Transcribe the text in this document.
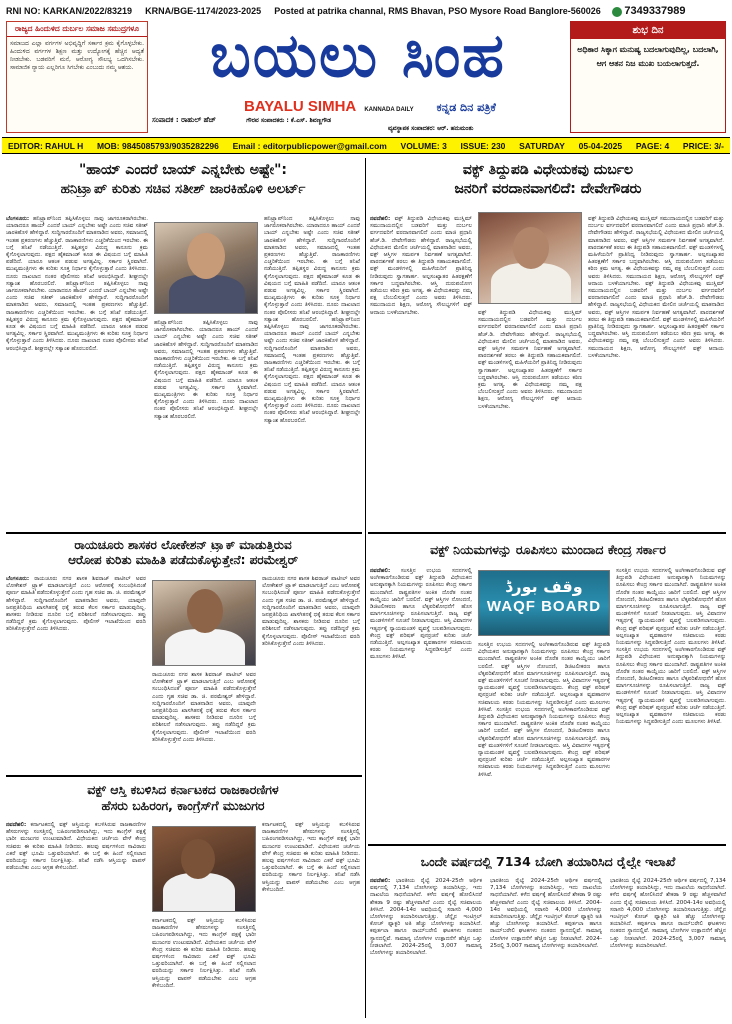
RNI NO: KARKAN/2022/83219 KRNA/BGE-1174/2023-2025 Posted at patrika channal, RMS Bhavan, PSO Mysore Road Banglore-560026 7349337989
ರಾಜ್ಯದ ಹಿಂದುಳಿದ ದುರ್ಬಲ ಸಮಾಜ ಸಮುದ್ರಗಳೂ
ಸಮಾಜದ ಎಲ್ಲಾ ವರ್ಗಗಳ ಅಭಿವೃದ್ಧಿಗೆ ಸರ್ಕಾರ ಕ್ರಮ ಕೈಗೊಳ್ಳಬೇಕು. ಹಿಂದುಳಿದ ವರ್ಗಗಳ ಶಿಕ್ಷಣ ಮತ್ತು ಉದ್ಯೋಗಕ್ಕೆ ಹೆಚ್ಚಿನ ಆದ್ಯತೆ ನೀಡಬೇಕು. ಬಡವರಿಗೆ ಮನೆ, ಆರೋಗ್ಯ ಸೌಲಭ್ಯ ಒದಗಿಸಬೇಕು. ಸಾಮಾಜಿಕ ನ್ಯಾಯ ಎಲ್ಲರಿಗೂ ಸಿಗಬೇಕು ಎಂಬುದು ನಮ್ಮ ಆಶಯ.	ಬಯಲು ಸಿಂಹ
BAYALU SIMHA KANNADA DAILY ಕನ್ನಡ ದಿನ ಪತ್ರಿಕೆ
ಸಂಪಾದಕ : ರಾಹುಲ್ ಹೆಚ್	ಗೌರವ ಸಂಪಾದಕರು : ಕೆ.ಎಸ್. ಶಿವಣ್ಣಗೌಡ
ವ್ಯವಸ್ಥಾಪಕ ಸಂಪಾದಕರ: ಆರ್. ಹನುಮಂತು
ಶುಭ ದಿನ
ಅಧಿಕಾರ ಸಿಕ್ಕಾಗ ಮನುಷ್ಯ ಬದಲಾಗುವುದಿಲ್ಲ, ಬದಲಾಗಿ, ಆಗ ಆತನ ನಿಜ ಮುಖ ಬಯಲಾಗುತ್ತದೆ.
EDITOR: RAHUL H MOB: 9845085793/9035282296 Email : editorpublicpower@gmail.com VOLUME: 3 ISSUE: 230 SATURDAY 05-04-2025 PAGE: 4 PRICE: 3/-
"ಹಾಯ್ ಎಂದರೆ ಬಾಯ್ ಎನ್ನಬೇಕು ಅಷ್ಟೇ":
ಹನಿಟ್ರ್ಯಾಪ್ ಕುರಿತು ಸಚಿವ ಸತೀಶ್ ಜಾರಕಿಹೊಳಿ ಅಲರ್ಟ್
ಬೆಂಗಳೂರು: ಹನಿಟ್ರ್ಯಾಪ್‌ನಿಂದ ತಪ್ಪಿಸಿಕೊಳ್ಳಲು ನಾವು ಜಾಗರೂಕರಾಗಿರಬೇಕು. ಯಾರಾದರೂ ಹಾಯ್ ಎಂದರೆ ಬಾಯ್ ಎನ್ನಬೇಕು ಅಷ್ಟೇ ಎಂದು ಸಚಿವ ಸತೀಶ್ ಜಾರಕಿಹೊಳಿ ಹೇಳಿದ್ದಾರೆ. ಸುದ್ದಿಗಾರರೊಂದಿಗೆ ಮಾತನಾಡಿದ ಅವರು, ಸಮಾಜದಲ್ಲಿ ಇಂತಹ ಪ್ರಕರಣಗಳು ಹೆಚ್ಚುತ್ತಿವೆ. ರಾಜಕಾರಣಿಗಳು ಎಚ್ಚರಿಕೆಯಿಂದ ಇರಬೇಕು. ಈ ಬಗ್ಗೆ ತನಿಖೆ ನಡೆಯುತ್ತಿದೆ. ತಪ್ಪಿತಸ್ಥರ ವಿರುದ್ಧ ಕಾನೂನು ಕ್ರಮ ಕೈಗೊಳ್ಳಲಾಗುವುದು. ಪಕ್ಷದ ಹೈಕಮಾಂಡ್ ಕೂಡ ಈ ವಿಷಯದ ಬಗ್ಗೆ ಮಾಹಿತಿ ಪಡೆದಿದೆ. ಯಾರೂ ಆತಂಕ ಪಡುವ ಅಗತ್ಯವಿಲ್ಲ. ಸರ್ಕಾರ ಸ್ಥಿರವಾಗಿದೆ. ಮುಖ್ಯಮಂತ್ರಿಗಳು ಈ ಕುರಿತು ಸೂಕ್ತ ನಿರ್ಧಾರ ಕೈಗೊಳ್ಳುತ್ತಾರೆ ಎಂದು ತಿಳಿಸಿದರು. ದೂರು ದಾಖಲಾದ ನಂತರ ಪೊಲೀಸರು ತನಿಖೆ ಆರಂಭಿಸಿದ್ದಾರೆ. ಶೀಘ್ರದಲ್ಲೇ ಸತ್ಯಾಂಶ ಹೊರಬರಲಿದೆ. ಹನಿಟ್ರ್ಯಾಪ್‌ನಿಂದ ತಪ್ಪಿಸಿಕೊಳ್ಳಲು ನಾವು ಜಾಗರೂಕರಾಗಿರಬೇಕು. ಯಾರಾದರೂ ಹಾಯ್ ಎಂದರೆ ಬಾಯ್ ಎನ್ನಬೇಕು ಅಷ್ಟೇ ಎಂದು ಸಚಿವ ಸತೀಶ್ ಜಾರಕಿಹೊಳಿ ಹೇಳಿದ್ದಾರೆ. ಸುದ್ದಿಗಾರರೊಂದಿಗೆ ಮಾತನಾಡಿದ ಅವರು, ಸಮಾಜದಲ್ಲಿ ಇಂತಹ ಪ್ರಕರಣಗಳು ಹೆಚ್ಚುತ್ತಿವೆ. ರಾಜಕಾರಣಿಗಳು ಎಚ್ಚರಿಕೆಯಿಂದ ಇರಬೇಕು. ಈ ಬಗ್ಗೆ ತನಿಖೆ ನಡೆಯುತ್ತಿದೆ. ತಪ್ಪಿತಸ್ಥರ ವಿರುದ್ಧ ಕಾನೂನು ಕ್ರಮ ಕೈಗೊಳ್ಳಲಾಗುವುದು. ಪಕ್ಷದ ಹೈಕಮಾಂಡ್ ಕೂಡ ಈ ವಿಷಯದ ಬಗ್ಗೆ ಮಾಹಿತಿ ಪಡೆದಿದೆ. ಯಾರೂ ಆತಂಕ ಪಡುವ ಅಗತ್ಯವಿಲ್ಲ. ಸರ್ಕಾರ ಸ್ಥಿರವಾಗಿದೆ. ಮುಖ್ಯಮಂತ್ರಿಗಳು ಈ ಕುರಿತು ಸೂಕ್ತ ನಿರ್ಧಾರ ಕೈಗೊಳ್ಳುತ್ತಾರೆ ಎಂದು ತಿಳಿಸಿದರು. ದೂರು ದಾಖಲಾದ ನಂತರ ಪೊಲೀಸರು ತನಿಖೆ ಆರಂಭಿಸಿದ್ದಾರೆ. ಶೀಘ್ರದಲ್ಲೇ ಸತ್ಯಾಂಶ ಹೊರಬರಲಿದೆ.
ಹನಿಟ್ರ್ಯಾಪ್‌ನಿಂದ ತಪ್ಪಿಸಿಕೊಳ್ಳಲು ನಾವು ಜಾಗರೂಕರಾಗಿರಬೇಕು. ಯಾರಾದರೂ ಹಾಯ್ ಎಂದರೆ ಬಾಯ್ ಎನ್ನಬೇಕು ಅಷ್ಟೇ ಎಂದು ಸಚಿವ ಸತೀಶ್ ಜಾರಕಿಹೊಳಿ ಹೇಳಿದ್ದಾರೆ. ಸುದ್ದಿಗಾರರೊಂದಿಗೆ ಮಾತನಾಡಿದ ಅವರು, ಸಮಾಜದಲ್ಲಿ ಇಂತಹ ಪ್ರಕರಣಗಳು ಹೆಚ್ಚುತ್ತಿವೆ. ರಾಜಕಾರಣಿಗಳು ಎಚ್ಚರಿಕೆಯಿಂದ ಇರಬೇಕು. ಈ ಬಗ್ಗೆ ತನಿಖೆ ನಡೆಯುತ್ತಿದೆ. ತಪ್ಪಿತಸ್ಥರ ವಿರುದ್ಧ ಕಾನೂನು ಕ್ರಮ ಕೈಗೊಳ್ಳಲಾಗುವುದು. ಪಕ್ಷದ ಹೈಕಮಾಂಡ್ ಕೂಡ ಈ ವಿಷಯದ ಬಗ್ಗೆ ಮಾಹಿತಿ ಪಡೆದಿದೆ. ಯಾರೂ ಆತಂಕ ಪಡುವ ಅಗತ್ಯವಿಲ್ಲ. ಸರ್ಕಾರ ಸ್ಥಿರವಾಗಿದೆ. ಮುಖ್ಯಮಂತ್ರಿಗಳು ಈ ಕುರಿತು ಸೂಕ್ತ ನಿರ್ಧಾರ ಕೈಗೊಳ್ಳುತ್ತಾರೆ ಎಂದು ತಿಳಿಸಿದರು. ದೂರು ದಾಖಲಾದ ನಂತರ ಪೊಲೀಸರು ತನಿಖೆ ಆರಂಭಿಸಿದ್ದಾರೆ. ಶೀಘ್ರದಲ್ಲೇ ಸತ್ಯಾಂಶ ಹೊರಬರಲಿದೆ.
ಹನಿಟ್ರ್ಯಾಪ್‌ನಿಂದ ತಪ್ಪಿಸಿಕೊಳ್ಳಲು ನಾವು ಜಾಗರೂಕರಾಗಿರಬೇಕು. ಯಾರಾದರೂ ಹಾಯ್ ಎಂದರೆ ಬಾಯ್ ಎನ್ನಬೇಕು ಅಷ್ಟೇ ಎಂದು ಸಚಿವ ಸತೀಶ್ ಜಾರಕಿಹೊಳಿ ಹೇಳಿದ್ದಾರೆ. ಸುದ್ದಿಗಾರರೊಂದಿಗೆ ಮಾತನಾಡಿದ ಅವರು, ಸಮಾಜದಲ್ಲಿ ಇಂತಹ ಪ್ರಕರಣಗಳು ಹೆಚ್ಚುತ್ತಿವೆ. ರಾಜಕಾರಣಿಗಳು ಎಚ್ಚರಿಕೆಯಿಂದ ಇರಬೇಕು. ಈ ಬಗ್ಗೆ ತನಿಖೆ ನಡೆಯುತ್ತಿದೆ. ತಪ್ಪಿತಸ್ಥರ ವಿರುದ್ಧ ಕಾನೂನು ಕ್ರಮ ಕೈಗೊಳ್ಳಲಾಗುವುದು. ಪಕ್ಷದ ಹೈಕಮಾಂಡ್ ಕೂಡ ಈ ವಿಷಯದ ಬಗ್ಗೆ ಮಾಹಿತಿ ಪಡೆದಿದೆ. ಯಾರೂ ಆತಂಕ ಪಡುವ ಅಗತ್ಯವಿಲ್ಲ. ಸರ್ಕಾರ ಸ್ಥಿರವಾಗಿದೆ. ಮುಖ್ಯಮಂತ್ರಿಗಳು ಈ ಕುರಿತು ಸೂಕ್ತ ನಿರ್ಧಾರ ಕೈಗೊಳ್ಳುತ್ತಾರೆ ಎಂದು ತಿಳಿಸಿದರು. ದೂರು ದಾಖಲಾದ ನಂತರ ಪೊಲೀಸರು ತನಿಖೆ ಆರಂಭಿಸಿದ್ದಾರೆ. ಶೀಘ್ರದಲ್ಲೇ ಸತ್ಯಾಂಶ ಹೊರಬರಲಿದೆ. ಹನಿಟ್ರ್ಯಾಪ್‌ನಿಂದ ತಪ್ಪಿಸಿಕೊಳ್ಳಲು ನಾವು ಜಾಗರೂಕರಾಗಿರಬೇಕು. ಯಾರಾದರೂ ಹಾಯ್ ಎಂದರೆ ಬಾಯ್ ಎನ್ನಬೇಕು ಅಷ್ಟೇ ಎಂದು ಸಚಿವ ಸತೀಶ್ ಜಾರಕಿಹೊಳಿ ಹೇಳಿದ್ದಾರೆ. ಸುದ್ದಿಗಾರರೊಂದಿಗೆ ಮಾತನಾಡಿದ ಅವರು, ಸಮಾಜದಲ್ಲಿ ಇಂತಹ ಪ್ರಕರಣಗಳು ಹೆಚ್ಚುತ್ತಿವೆ. ರಾಜಕಾರಣಿಗಳು ಎಚ್ಚರಿಕೆಯಿಂದ ಇರಬೇಕು. ಈ ಬಗ್ಗೆ ತನಿಖೆ ನಡೆಯುತ್ತಿದೆ. ತಪ್ಪಿತಸ್ಥರ ವಿರುದ್ಧ ಕಾನೂನು ಕ್ರಮ ಕೈಗೊಳ್ಳಲಾಗುವುದು. ಪಕ್ಷದ ಹೈಕಮಾಂಡ್ ಕೂಡ ಈ ವಿಷಯದ ಬಗ್ಗೆ ಮಾಹಿತಿ ಪಡೆದಿದೆ. ಯಾರೂ ಆತಂಕ ಪಡುವ ಅಗತ್ಯವಿಲ್ಲ. ಸರ್ಕಾರ ಸ್ಥಿರವಾಗಿದೆ. ಮುಖ್ಯಮಂತ್ರಿಗಳು ಈ ಕುರಿತು ಸೂಕ್ತ ನಿರ್ಧಾರ ಕೈಗೊಳ್ಳುತ್ತಾರೆ ಎಂದು ತಿಳಿಸಿದರು. ದೂರು ದಾಖಲಾದ ನಂತರ ಪೊಲೀಸರು ತನಿಖೆ ಆರಂಭಿಸಿದ್ದಾರೆ. ಶೀಘ್ರದಲ್ಲೇ ಸತ್ಯಾಂಶ ಹೊರಬರಲಿದೆ.
ವಕ್ಫ್ ತಿದ್ದುಪಡಿ ವಿಧೇಯಕವು ದುರ್ಬಲ
ಜನರಿಗೆ ವರದಾನವಾಗಲಿದೆ: ದೇವೇಗೌಡರು
ನವದೆಹಲಿ: ವಕ್ಫ್ ತಿದ್ದುಪಡಿ ವಿಧೇಯಕವು ಮುಸ್ಲಿಮ್ ಸಮುದಾಯದಲ್ಲಿನ ಬಡವರಿಗೆ ಮತ್ತು ದುರ್ಬಲ ವರ್ಗದವರಿಗೆ ವರದಾನವಾಗಲಿದೆ ಎಂದು ಮಾಜಿ ಪ್ರಧಾನಿ ಹೆಚ್.ಡಿ. ದೇವೇಗೌಡರು ಹೇಳಿದ್ದಾರೆ. ರಾಜ್ಯಸಭೆಯಲ್ಲಿ ವಿಧೇಯಕದ ಮೇಲಿನ ಚರ್ಚೆಯಲ್ಲಿ ಮಾತನಾಡಿದ ಅವರು, ವಕ್ಫ್ ಆಸ್ತಿಗಳ ಸಮರ್ಪಕ ನಿರ್ವಹಣೆ ಅಗತ್ಯವಾಗಿದೆ. ಪಾರದರ್ಶಕತೆ ತರಲು ಈ ತಿದ್ದುಪಡಿ ಸಹಾಯಕವಾಗಲಿದೆ. ವಕ್ಫ್ ಮಂಡಳಿಗಳಲ್ಲಿ ಮಹಿಳೆಯರಿಗೆ ಪ್ರಾತಿನಿಧ್ಯ ನೀಡಿರುವುದು ಸ್ವಾಗತಾರ್ಹ. ಅಲ್ಪಸಂಖ್ಯಾತರ ಹಿತರಕ್ಷಣೆಗೆ ಸರ್ಕಾರ ಬದ್ಧವಾಗಿರಬೇಕು. ಆಸ್ತಿ ದುರುಪಯೋಗ ತಡೆಯಲು ಕಠಿಣ ಕ್ರಮ ಅಗತ್ಯ. ಈ ವಿಧೇಯಕವನ್ನು ನಮ್ಮ ಪಕ್ಷ ಬೆಂಬಲಿಸುತ್ತದೆ ಎಂದು ಅವರು ತಿಳಿಸಿದರು. ಸಮುದಾಯದ ಶಿಕ್ಷಣ, ಆರೋಗ್ಯ ಸೌಲಭ್ಯಗಳಿಗೆ ವಕ್ಫ್ ಆದಾಯ ಬಳಕೆಯಾಗಬೇಕು.	ವಕ್ಫ್ ತಿದ್ದುಪಡಿ ವಿಧೇಯಕವು ಮುಸ್ಲಿಮ್ ಸಮುದಾಯದಲ್ಲಿನ ಬಡವರಿಗೆ ಮತ್ತು ದುರ್ಬಲ ವರ್ಗದವರಿಗೆ ವರದಾನವಾಗಲಿದೆ ಎಂದು ಮಾಜಿ ಪ್ರಧಾನಿ ಹೆಚ್.ಡಿ. ದೇವೇಗೌಡರು ಹೇಳಿದ್ದಾರೆ. ರಾಜ್ಯಸಭೆಯಲ್ಲಿ ವಿಧೇಯಕದ ಮೇಲಿನ ಚರ್ಚೆಯಲ್ಲಿ ಮಾತನಾಡಿದ ಅವರು, ವಕ್ಫ್ ಆಸ್ತಿಗಳ ಸಮರ್ಪಕ ನಿರ್ವಹಣೆ ಅಗತ್ಯವಾಗಿದೆ. ಪಾರದರ್ಶಕತೆ ತರಲು ಈ ತಿದ್ದುಪಡಿ ಸಹಾಯಕವಾಗಲಿದೆ. ವಕ್ಫ್ ಮಂಡಳಿಗಳಲ್ಲಿ ಮಹಿಳೆಯರಿಗೆ ಪ್ರಾತಿನಿಧ್ಯ ನೀಡಿರುವುದು ಸ್ವಾಗತಾರ್ಹ. ಅಲ್ಪಸಂಖ್ಯಾತರ ಹಿತರಕ್ಷಣೆಗೆ ಸರ್ಕಾರ ಬದ್ಧವಾಗಿರಬೇಕು. ಆಸ್ತಿ ದುರುಪಯೋಗ ತಡೆಯಲು ಕಠಿಣ ಕ್ರಮ ಅಗತ್ಯ. ಈ ವಿಧೇಯಕವನ್ನು ನಮ್ಮ ಪಕ್ಷ ಬೆಂಬಲಿಸುತ್ತದೆ ಎಂದು ಅವರು ತಿಳಿಸಿದರು. ಸಮುದಾಯದ ಶಿಕ್ಷಣ, ಆರೋಗ್ಯ ಸೌಲಭ್ಯಗಳಿಗೆ ವಕ್ಫ್ ಆದಾಯ ಬಳಕೆಯಾಗಬೇಕು.
ವಕ್ಫ್ ತಿದ್ದುಪಡಿ ವಿಧೇಯಕವು ಮುಸ್ಲಿಮ್ ಸಮುದಾಯದಲ್ಲಿನ ಬಡವರಿಗೆ ಮತ್ತು ದುರ್ಬಲ ವರ್ಗದವರಿಗೆ ವರದಾನವಾಗಲಿದೆ ಎಂದು ಮಾಜಿ ಪ್ರಧಾನಿ ಹೆಚ್.ಡಿ. ದೇವೇಗೌಡರು ಹೇಳಿದ್ದಾರೆ. ರಾಜ್ಯಸಭೆಯಲ್ಲಿ ವಿಧೇಯಕದ ಮೇಲಿನ ಚರ್ಚೆಯಲ್ಲಿ ಮಾತನಾಡಿದ ಅವರು, ವಕ್ಫ್ ಆಸ್ತಿಗಳ ಸಮರ್ಪಕ ನಿರ್ವಹಣೆ ಅಗತ್ಯವಾಗಿದೆ. ಪಾರದರ್ಶಕತೆ ತರಲು ಈ ತಿದ್ದುಪಡಿ ಸಹಾಯಕವಾಗಲಿದೆ. ವಕ್ಫ್ ಮಂಡಳಿಗಳಲ್ಲಿ ಮಹಿಳೆಯರಿಗೆ ಪ್ರಾತಿನಿಧ್ಯ ನೀಡಿರುವುದು ಸ್ವಾಗತಾರ್ಹ. ಅಲ್ಪಸಂಖ್ಯಾತರ ಹಿತರಕ್ಷಣೆಗೆ ಸರ್ಕಾರ ಬದ್ಧವಾಗಿರಬೇಕು. ಆಸ್ತಿ ದುರುಪಯೋಗ ತಡೆಯಲು ಕಠಿಣ ಕ್ರಮ ಅಗತ್ಯ. ಈ ವಿಧೇಯಕವನ್ನು ನಮ್ಮ ಪಕ್ಷ ಬೆಂಬಲಿಸುತ್ತದೆ ಎಂದು ಅವರು ತಿಳಿಸಿದರು. ಸಮುದಾಯದ ಶಿಕ್ಷಣ, ಆರೋಗ್ಯ ಸೌಲಭ್ಯಗಳಿಗೆ ವಕ್ಫ್ ಆದಾಯ ಬಳಕೆಯಾಗಬೇಕು. ವಕ್ಫ್ ತಿದ್ದುಪಡಿ ವಿಧೇಯಕವು ಮುಸ್ಲಿಮ್ ಸಮುದಾಯದಲ್ಲಿನ ಬಡವರಿಗೆ ಮತ್ತು ದುರ್ಬಲ ವರ್ಗದವರಿಗೆ ವರದಾನವಾಗಲಿದೆ ಎಂದು ಮಾಜಿ ಪ್ರಧಾನಿ ಹೆಚ್.ಡಿ. ದೇವೇಗೌಡರು ಹೇಳಿದ್ದಾರೆ. ರಾಜ್ಯಸಭೆಯಲ್ಲಿ ವಿಧೇಯಕದ ಮೇಲಿನ ಚರ್ಚೆಯಲ್ಲಿ ಮಾತನಾಡಿದ ಅವರು, ವಕ್ಫ್ ಆಸ್ತಿಗಳ ಸಮರ್ಪಕ ನಿರ್ವಹಣೆ ಅಗತ್ಯವಾಗಿದೆ. ಪಾರದರ್ಶಕತೆ ತರಲು ಈ ತಿದ್ದುಪಡಿ ಸಹಾಯಕವಾಗಲಿದೆ. ವಕ್ಫ್ ಮಂಡಳಿಗಳಲ್ಲಿ ಮಹಿಳೆಯರಿಗೆ ಪ್ರಾತಿನಿಧ್ಯ ನೀಡಿರುವುದು ಸ್ವಾಗತಾರ್ಹ. ಅಲ್ಪಸಂಖ್ಯಾತರ ಹಿತರಕ್ಷಣೆಗೆ ಸರ್ಕಾರ ಬದ್ಧವಾಗಿರಬೇಕು. ಆಸ್ತಿ ದುರುಪಯೋಗ ತಡೆಯಲು ಕಠಿಣ ಕ್ರಮ ಅಗತ್ಯ. ಈ ವಿಧೇಯಕವನ್ನು ನಮ್ಮ ಪಕ್ಷ ಬೆಂಬಲಿಸುತ್ತದೆ ಎಂದು ಅವರು ತಿಳಿಸಿದರು. ಸಮುದಾಯದ ಶಿಕ್ಷಣ, ಆರೋಗ್ಯ ಸೌಲಭ್ಯಗಳಿಗೆ ವಕ್ಫ್ ಆದಾಯ ಬಳಕೆಯಾಗಬೇಕು.
ರಾಯಚೂರು ಶಾಸಕರ ಲೋಕೇಶನ್ ಟ್ರ್ಯಾಕ್ ಮಾಡುತ್ತಿರುವ
ಆರೋಪ ಕುರಿತು ಮಾಹಿತಿ ಪಡೆದುಕೊಳ್ಳುತ್ತೇನೆ: ಪರಮೇಶ್ವರ್
ಬೆಂಗಳೂರು: ರಾಯಚೂರು ನಗರ ಶಾಸಕ ಶಿವರಾಜ್ ಪಾಟೀಲ್ ಅವರ ಲೋಕೇಶನ್ ಟ್ರ್ಯಾಕ್ ಮಾಡಲಾಗುತ್ತಿದೆ ಎಂಬ ಆರೋಪಕ್ಕೆ ಸಂಬಂಧಿಸಿದಂತೆ ಪೂರ್ಣ ಮಾಹಿತಿ ಪಡೆದುಕೊಳ್ಳುತ್ತೇನೆ ಎಂದು ಗೃಹ ಸಚಿವ ಡಾ. ಜಿ. ಪರಮೇಶ್ವರ್ ಹೇಳಿದ್ದಾರೆ. ಸುದ್ದಿಗಾರರೊಂದಿಗೆ ಮಾತನಾಡಿದ ಅವರು, ಯಾವುದೇ ಜನಪ್ರತಿನಿಧಿಯ ಖಾಸಗಿತನಕ್ಕೆ ಧಕ್ಕೆ ತರುವ ಕೆಲಸ ಸರ್ಕಾರ ಮಾಡುವುದಿಲ್ಲ. ಶಾಸಕರು ನೀಡಿರುವ ದೂರಿನ ಬಗ್ಗೆ ಪರಿಶೀಲನೆ ನಡೆಸಲಾಗುವುದು. ತಪ್ಪು ನಡೆದಿದ್ದರೆ ಕ್ರಮ ಕೈಗೊಳ್ಳಲಾಗುವುದು. ಪೊಲೀಸ್ ಇಲಾಖೆಯಿಂದ ವರದಿ ತರಿಸಿಕೊಳ್ಳುತ್ತೇನೆ ಎಂದು ತಿಳಿಸಿದರು.
ರಾಯಚೂರು ನಗರ ಶಾಸಕ ಶಿವರಾಜ್ ಪಾಟೀಲ್ ಅವರ ಲೋಕೇಶನ್ ಟ್ರ್ಯಾಕ್ ಮಾಡಲಾಗುತ್ತಿದೆ ಎಂಬ ಆರೋಪಕ್ಕೆ ಸಂಬಂಧಿಸಿದಂತೆ ಪೂರ್ಣ ಮಾಹಿತಿ ಪಡೆದುಕೊಳ್ಳುತ್ತೇನೆ ಎಂದು ಗೃಹ ಸಚಿವ ಡಾ. ಜಿ. ಪರಮೇಶ್ವರ್ ಹೇಳಿದ್ದಾರೆ. ಸುದ್ದಿಗಾರರೊಂದಿಗೆ ಮಾತನಾಡಿದ ಅವರು, ಯಾವುದೇ ಜನಪ್ರತಿನಿಧಿಯ ಖಾಸಗಿತನಕ್ಕೆ ಧಕ್ಕೆ ತರುವ ಕೆಲಸ ಸರ್ಕಾರ ಮಾಡುವುದಿಲ್ಲ. ಶಾಸಕರು ನೀಡಿರುವ ದೂರಿನ ಬಗ್ಗೆ ಪರಿಶೀಲನೆ ನಡೆಸಲಾಗುವುದು. ತಪ್ಪು ನಡೆದಿದ್ದರೆ ಕ್ರಮ ಕೈಗೊಳ್ಳಲಾಗುವುದು. ಪೊಲೀಸ್ ಇಲಾಖೆಯಿಂದ ವರದಿ ತರಿಸಿಕೊಳ್ಳುತ್ತೇನೆ ಎಂದು ತಿಳಿಸಿದರು.
ರಾಯಚೂರು ನಗರ ಶಾಸಕ ಶಿವರಾಜ್ ಪಾಟೀಲ್ ಅವರ ಲೋಕೇಶನ್ ಟ್ರ್ಯಾಕ್ ಮಾಡಲಾಗುತ್ತಿದೆ ಎಂಬ ಆರೋಪಕ್ಕೆ ಸಂಬಂಧಿಸಿದಂತೆ ಪೂರ್ಣ ಮಾಹಿತಿ ಪಡೆದುಕೊಳ್ಳುತ್ತೇನೆ ಎಂದು ಗೃಹ ಸಚಿವ ಡಾ. ಜಿ. ಪರಮೇಶ್ವರ್ ಹೇಳಿದ್ದಾರೆ. ಸುದ್ದಿಗಾರರೊಂದಿಗೆ ಮಾತನಾಡಿದ ಅವರು, ಯಾವುದೇ ಜನಪ್ರತಿನಿಧಿಯ ಖಾಸಗಿತನಕ್ಕೆ ಧಕ್ಕೆ ತರುವ ಕೆಲಸ ಸರ್ಕಾರ ಮಾಡುವುದಿಲ್ಲ. ಶಾಸಕರು ನೀಡಿರುವ ದೂರಿನ ಬಗ್ಗೆ ಪರಿಶೀಲನೆ ನಡೆಸಲಾಗುವುದು. ತಪ್ಪು ನಡೆದಿದ್ದರೆ ಕ್ರಮ ಕೈಗೊಳ್ಳಲಾಗುವುದು. ಪೊಲೀಸ್ ಇಲಾಖೆಯಿಂದ ವರದಿ ತರಿಸಿಕೊಳ್ಳುತ್ತೇನೆ ಎಂದು ತಿಳಿಸಿದರು.
ವಕ್ಫ್ ನಿಯಮಗಳನ್ನು ರೂಪಿಸಲು ಮುಂದಾದ ಕೇಂದ್ರ ಸರ್ಕಾರ
ನವದೆಹಲಿ: ಸಂಸತ್ತಿನ ಉಭಯ ಸದನಗಳಲ್ಲಿ ಅಂಗೀಕಾರಗೊಂಡಿರುವ ವಕ್ಫ್ ತಿದ್ದುಪಡಿ ವಿಧೇಯಕದ ಅನುಷ್ಠಾನಕ್ಕಾಗಿ ನಿಯಮಗಳನ್ನು ರೂಪಿಸಲು ಕೇಂದ್ರ ಸರ್ಕಾರ ಮುಂದಾಗಿದೆ. ರಾಷ್ಟ್ರಪತಿಗಳ ಅಂಕಿತ ದೊರೆತ ನಂತರ ಕಾಯ್ದೆಯು ಜಾರಿಗೆ ಬರಲಿದೆ. ವಕ್ಫ್ ಆಸ್ತಿಗಳ ನೋಂದಣಿ, ಡಿಜಿಟಲೀಕರಣ ಹಾಗೂ ಲೆಕ್ಕಪರಿಶೋಧನೆಗೆ ಹೊಸ ಮಾರ್ಗಸೂಚಿಗಳನ್ನು ರೂಪಿಸಲಾಗುತ್ತಿದೆ. ರಾಜ್ಯ ವಕ್ಫ್ ಮಂಡಳಿಗಳಿಗೆ ಸೂಚನೆ ನೀಡಲಾಗುವುದು. ಆಸ್ತಿ ವಿವಾದಗಳ ಇತ್ಯರ್ಥಕ್ಕೆ ನ್ಯಾಯಮಂಡಳಿ ವ್ಯವಸ್ಥೆ ಬಲಪಡಿಸಲಾಗುವುದು. ಕೇಂದ್ರ ವಕ್ಫ್ ಪರಿಷತ್ ಪುನರ್ರಚನೆ ಕುರಿತು ಚರ್ಚೆ ನಡೆಯುತ್ತಿದೆ. ಅಲ್ಪಸಂಖ್ಯಾತ ವ್ಯವಹಾರಗಳ ಸಚಿವಾಲಯ ಕರಡು ನಿಯಮಗಳನ್ನು ಸಿದ್ಧಪಡಿಸುತ್ತಿದೆ ಎಂದು ಮೂಲಗಳು ತಿಳಿಸಿವೆ.
وقف بورڈ
WAQF BOARD
ಸಂಸತ್ತಿನ ಉಭಯ ಸದನಗಳಲ್ಲಿ ಅಂಗೀಕಾರಗೊಂಡಿರುವ ವಕ್ಫ್ ತಿದ್ದುಪಡಿ ವಿಧೇಯಕದ ಅನುಷ್ಠಾನಕ್ಕಾಗಿ ನಿಯಮಗಳನ್ನು ರೂಪಿಸಲು ಕೇಂದ್ರ ಸರ್ಕಾರ ಮುಂದಾಗಿದೆ. ರಾಷ್ಟ್ರಪತಿಗಳ ಅಂಕಿತ ದೊರೆತ ನಂತರ ಕಾಯ್ದೆಯು ಜಾರಿಗೆ ಬರಲಿದೆ. ವಕ್ಫ್ ಆಸ್ತಿಗಳ ನೋಂದಣಿ, ಡಿಜಿಟಲೀಕರಣ ಹಾಗೂ ಲೆಕ್ಕಪರಿಶೋಧನೆಗೆ ಹೊಸ ಮಾರ್ಗಸೂಚಿಗಳನ್ನು ರೂಪಿಸಲಾಗುತ್ತಿದೆ. ರಾಜ್ಯ ವಕ್ಫ್ ಮಂಡಳಿಗಳಿಗೆ ಸೂಚನೆ ನೀಡಲಾಗುವುದು. ಆಸ್ತಿ ವಿವಾದಗಳ ಇತ್ಯರ್ಥಕ್ಕೆ ನ್ಯಾಯಮಂಡಳಿ ವ್ಯವಸ್ಥೆ ಬಲಪಡಿಸಲಾಗುವುದು. ಕೇಂದ್ರ ವಕ್ಫ್ ಪರಿಷತ್ ಪುನರ್ರಚನೆ ಕುರಿತು ಚರ್ಚೆ ನಡೆಯುತ್ತಿದೆ. ಅಲ್ಪಸಂಖ್ಯಾತ ವ್ಯವಹಾರಗಳ ಸಚಿವಾಲಯ ಕರಡು ನಿಯಮಗಳನ್ನು ಸಿದ್ಧಪಡಿಸುತ್ತಿದೆ ಎಂದು ಮೂಲಗಳು ತಿಳಿಸಿವೆ. ಸಂಸತ್ತಿನ ಉಭಯ ಸದನಗಳಲ್ಲಿ ಅಂಗೀಕಾರಗೊಂಡಿರುವ ವಕ್ಫ್ ತಿದ್ದುಪಡಿ ವಿಧೇಯಕದ ಅನುಷ್ಠಾನಕ್ಕಾಗಿ ನಿಯಮಗಳನ್ನು ರೂಪಿಸಲು ಕೇಂದ್ರ ಸರ್ಕಾರ ಮುಂದಾಗಿದೆ. ರಾಷ್ಟ್ರಪತಿಗಳ ಅಂಕಿತ ದೊರೆತ ನಂತರ ಕಾಯ್ದೆಯು ಜಾರಿಗೆ ಬರಲಿದೆ. ವಕ್ಫ್ ಆಸ್ತಿಗಳ ನೋಂದಣಿ, ಡಿಜಿಟಲೀಕರಣ ಹಾಗೂ ಲೆಕ್ಕಪರಿಶೋಧನೆಗೆ ಹೊಸ ಮಾರ್ಗಸೂಚಿಗಳನ್ನು ರೂಪಿಸಲಾಗುತ್ತಿದೆ. ರಾಜ್ಯ ವಕ್ಫ್ ಮಂಡಳಿಗಳಿಗೆ ಸೂಚನೆ ನೀಡಲಾಗುವುದು. ಆಸ್ತಿ ವಿವಾದಗಳ ಇತ್ಯರ್ಥಕ್ಕೆ ನ್ಯಾಯಮಂಡಳಿ ವ್ಯವಸ್ಥೆ ಬಲಪಡಿಸಲಾಗುವುದು. ಕೇಂದ್ರ ವಕ್ಫ್ ಪರಿಷತ್ ಪುನರ್ರಚನೆ ಕುರಿತು ಚರ್ಚೆ ನಡೆಯುತ್ತಿದೆ. ಅಲ್ಪಸಂಖ್ಯಾತ ವ್ಯವಹಾರಗಳ ಸಚಿವಾಲಯ ಕರಡು ನಿಯಮಗಳನ್ನು ಸಿದ್ಧಪಡಿಸುತ್ತಿದೆ ಎಂದು ಮೂಲಗಳು ತಿಳಿಸಿವೆ.
ಸಂಸತ್ತಿನ ಉಭಯ ಸದನಗಳಲ್ಲಿ ಅಂಗೀಕಾರಗೊಂಡಿರುವ ವಕ್ಫ್ ತಿದ್ದುಪಡಿ ವಿಧೇಯಕದ ಅನುಷ್ಠಾನಕ್ಕಾಗಿ ನಿಯಮಗಳನ್ನು ರೂಪಿಸಲು ಕೇಂದ್ರ ಸರ್ಕಾರ ಮುಂದಾಗಿದೆ. ರಾಷ್ಟ್ರಪತಿಗಳ ಅಂಕಿತ ದೊರೆತ ನಂತರ ಕಾಯ್ದೆಯು ಜಾರಿಗೆ ಬರಲಿದೆ. ವಕ್ಫ್ ಆಸ್ತಿಗಳ ನೋಂದಣಿ, ಡಿಜಿಟಲೀಕರಣ ಹಾಗೂ ಲೆಕ್ಕಪರಿಶೋಧನೆಗೆ ಹೊಸ ಮಾರ್ಗಸೂಚಿಗಳನ್ನು ರೂಪಿಸಲಾಗುತ್ತಿದೆ. ರಾಜ್ಯ ವಕ್ಫ್ ಮಂಡಳಿಗಳಿಗೆ ಸೂಚನೆ ನೀಡಲಾಗುವುದು. ಆಸ್ತಿ ವಿವಾದಗಳ ಇತ್ಯರ್ಥಕ್ಕೆ ನ್ಯಾಯಮಂಡಳಿ ವ್ಯವಸ್ಥೆ ಬಲಪಡಿಸಲಾಗುವುದು. ಕೇಂದ್ರ ವಕ್ಫ್ ಪರಿಷತ್ ಪುನರ್ರಚನೆ ಕುರಿತು ಚರ್ಚೆ ನಡೆಯುತ್ತಿದೆ. ಅಲ್ಪಸಂಖ್ಯಾತ ವ್ಯವಹಾರಗಳ ಸಚಿವಾಲಯ ಕರಡು ನಿಯಮಗಳನ್ನು ಸಿದ್ಧಪಡಿಸುತ್ತಿದೆ ಎಂದು ಮೂಲಗಳು ತಿಳಿಸಿವೆ. ಸಂಸತ್ತಿನ ಉಭಯ ಸದನಗಳಲ್ಲಿ ಅಂಗೀಕಾರಗೊಂಡಿರುವ ವಕ್ಫ್ ತಿದ್ದುಪಡಿ ವಿಧೇಯಕದ ಅನುಷ್ಠಾನಕ್ಕಾಗಿ ನಿಯಮಗಳನ್ನು ರೂಪಿಸಲು ಕೇಂದ್ರ ಸರ್ಕಾರ ಮುಂದಾಗಿದೆ. ರಾಷ್ಟ್ರಪತಿಗಳ ಅಂಕಿತ ದೊರೆತ ನಂತರ ಕಾಯ್ದೆಯು ಜಾರಿಗೆ ಬರಲಿದೆ. ವಕ್ಫ್ ಆಸ್ತಿಗಳ ನೋಂದಣಿ, ಡಿಜಿಟಲೀಕರಣ ಹಾಗೂ ಲೆಕ್ಕಪರಿಶೋಧನೆಗೆ ಹೊಸ ಮಾರ್ಗಸೂಚಿಗಳನ್ನು ರೂಪಿಸಲಾಗುತ್ತಿದೆ. ರಾಜ್ಯ ವಕ್ಫ್ ಮಂಡಳಿಗಳಿಗೆ ಸೂಚನೆ ನೀಡಲಾಗುವುದು. ಆಸ್ತಿ ವಿವಾದಗಳ ಇತ್ಯರ್ಥಕ್ಕೆ ನ್ಯಾಯಮಂಡಳಿ ವ್ಯವಸ್ಥೆ ಬಲಪಡಿಸಲಾಗುವುದು. ಕೇಂದ್ರ ವಕ್ಫ್ ಪರಿಷತ್ ಪುನರ್ರಚನೆ ಕುರಿತು ಚರ್ಚೆ ನಡೆಯುತ್ತಿದೆ. ಅಲ್ಪಸಂಖ್ಯಾತ ವ್ಯವಹಾರಗಳ ಸಚಿವಾಲಯ ಕರಡು ನಿಯಮಗಳನ್ನು ಸಿದ್ಧಪಡಿಸುತ್ತಿದೆ ಎಂದು ಮೂಲಗಳು ತಿಳಿಸಿವೆ.
ವಕ್ಫ್ ಆಸ್ತಿ ಕಬಳಿಸಿದ ಕರ್ನಾಟಕದ ರಾಜಕಾರಣಿಗಳ
ಹೆಸರು ಬಹಿರಂಗ, ಕಾಂಗ್ರೆಸ್‌ಗೆ ಮುಜುಗರ
ನವದೆಹಲಿ: ಕರ್ನಾಟಕದಲ್ಲಿ ವಕ್ಫ್ ಆಸ್ತಿಯನ್ನು ಕಬಳಿಸಿರುವ ರಾಜಕಾರಣಿಗಳ ಹೆಸರುಗಳನ್ನು ಸಂಸತ್ತಿನಲ್ಲಿ ಬಹಿರಂಗಪಡಿಸಲಾಗಿದ್ದು, ಇದು ಕಾಂಗ್ರೆಸ್ ಪಕ್ಷಕ್ಕೆ ಭಾರೀ ಮುಜುಗರ ಉಂಟುಮಾಡಿದೆ. ವಿಧೇಯಕದ ಚರ್ಚೆಯ ವೇಳೆ ಕೇಂದ್ರ ಸಚಿವರು ಈ ಕುರಿತು ಮಾಹಿತಿ ನೀಡಿದರು. ಹಲವು ವರ್ಷಗಳಿಂದ ಸಾವಿರಾರು ಎಕರೆ ವಕ್ಫ್ ಭೂಮಿ ಒತ್ತುವರಿಯಾಗಿದೆ. ಈ ಬಗ್ಗೆ ಈ ಹಿಂದೆ ಸಲ್ಲಿಸಲಾದ ವರದಿಯನ್ನು ಸರ್ಕಾರ ನಿರ್ಲಕ್ಷಿಸಿತ್ತು. ತನಿಖೆ ನಡೆಸಿ ಆಸ್ತಿಯನ್ನು ವಾಪಸ್ ಪಡೆಯಬೇಕು ಎಂಬ ಆಗ್ರಹ ಕೇಳಿಬಂದಿದೆ.
ಕರ್ನಾಟಕದಲ್ಲಿ ವಕ್ಫ್ ಆಸ್ತಿಯನ್ನು ಕಬಳಿಸಿರುವ ರಾಜಕಾರಣಿಗಳ ಹೆಸರುಗಳನ್ನು ಸಂಸತ್ತಿನಲ್ಲಿ ಬಹಿರಂಗಪಡಿಸಲಾಗಿದ್ದು, ಇದು ಕಾಂಗ್ರೆಸ್ ಪಕ್ಷಕ್ಕೆ ಭಾರೀ ಮುಜುಗರ ಉಂಟುಮಾಡಿದೆ. ವಿಧೇಯಕದ ಚರ್ಚೆಯ ವೇಳೆ ಕೇಂದ್ರ ಸಚಿವರು ಈ ಕುರಿತು ಮಾಹಿತಿ ನೀಡಿದರು. ಹಲವು ವರ್ಷಗಳಿಂದ ಸಾವಿರಾರು ಎಕರೆ ವಕ್ಫ್ ಭೂಮಿ ಒತ್ತುವರಿಯಾಗಿದೆ. ಈ ಬಗ್ಗೆ ಈ ಹಿಂದೆ ಸಲ್ಲಿಸಲಾದ ವರದಿಯನ್ನು ಸರ್ಕಾರ ನಿರ್ಲಕ್ಷಿಸಿತ್ತು. ತನಿಖೆ ನಡೆಸಿ ಆಸ್ತಿಯನ್ನು ವಾಪಸ್ ಪಡೆಯಬೇಕು ಎಂಬ ಆಗ್ರಹ ಕೇಳಿಬಂದಿದೆ.
ಕರ್ನಾಟಕದಲ್ಲಿ ವಕ್ಫ್ ಆಸ್ತಿಯನ್ನು ಕಬಳಿಸಿರುವ ರಾಜಕಾರಣಿಗಳ ಹೆಸರುಗಳನ್ನು ಸಂಸತ್ತಿನಲ್ಲಿ ಬಹಿರಂಗಪಡಿಸಲಾಗಿದ್ದು, ಇದು ಕಾಂಗ್ರೆಸ್ ಪಕ್ಷಕ್ಕೆ ಭಾರೀ ಮುಜುಗರ ಉಂಟುಮಾಡಿದೆ. ವಿಧೇಯಕದ ಚರ್ಚೆಯ ವೇಳೆ ಕೇಂದ್ರ ಸಚಿವರು ಈ ಕುರಿತು ಮಾಹಿತಿ ನೀಡಿದರು. ಹಲವು ವರ್ಷಗಳಿಂದ ಸಾವಿರಾರು ಎಕರೆ ವಕ್ಫ್ ಭೂಮಿ ಒತ್ತುವರಿಯಾಗಿದೆ. ಈ ಬಗ್ಗೆ ಈ ಹಿಂದೆ ಸಲ್ಲಿಸಲಾದ ವರದಿಯನ್ನು ಸರ್ಕಾರ ನಿರ್ಲಕ್ಷಿಸಿತ್ತು. ತನಿಖೆ ನಡೆಸಿ ಆಸ್ತಿಯನ್ನು ವಾಪಸ್ ಪಡೆಯಬೇಕು ಎಂಬ ಆಗ್ರಹ ಕೇಳಿಬಂದಿದೆ.
ಒಂದೇ ವರ್ಷದಲ್ಲಿ 7134 ಬೋಗಿ ತಯಾರಿಸಿದ ರೈಲ್ವೇ ಇಲಾಖೆ
ನವದೆಹಲಿ: ಭಾರತೀಯ ರೈಲ್ವೆ 2024-25ನೇ ಆರ್ಥಿಕ ವರ್ಷದಲ್ಲಿ 7,134 ಬೋಗಿಗಳನ್ನು ತಯಾರಿಸಿದ್ದು, ಇದು ದಾಖಲೆಯ ಸಾಧನೆಯಾಗಿದೆ. ಕಳೆದ ವರ್ಷಕ್ಕೆ ಹೋಲಿಸಿದರೆ ಶೇಕಡಾ 9 ರಷ್ಟು ಹೆಚ್ಚಳವಾಗಿದೆ ಎಂದು ರೈಲ್ವೆ ಸಚಿವಾಲಯ ತಿಳಿಸಿದೆ. 2004-14ರ ಅವಧಿಯಲ್ಲಿ ಸರಾಸರಿ 4,000 ಬೋಗಿಗಳನ್ನು ತಯಾರಿಸಲಾಗುತ್ತಿತ್ತು. ಚೆನ್ನೈನ ಇಂಟಿಗ್ರಲ್ ಕೋಚ್ ಫ್ಯಾಕ್ಟರಿ ಅತಿ ಹೆಚ್ಚು ಬೋಗಿಗಳನ್ನು ತಯಾರಿಸಿದೆ. ಕಪುರ್ತಲಾ ಹಾಗೂ ರಾಯ್‌ಬರೇಲಿ ಘಟಕಗಳು ನಂತರದ ಸ್ಥಾನದಲ್ಲಿವೆ. ಸಾಮಾನ್ಯ ಬೋಗಿಗಳ ಉತ್ಪಾದನೆಗೆ ಹೆಚ್ಚಿನ ಒತ್ತು ನೀಡಲಾಗಿದೆ. 2024-25ರಲ್ಲಿ 3,007 ಸಾಮಾನ್ಯ ಬೋಗಿಗಳನ್ನು ತಯಾರಿಸಲಾಗಿದೆ.
ಭಾರತೀಯ ರೈಲ್ವೆ 2024-25ನೇ ಆರ್ಥಿಕ ವರ್ಷದಲ್ಲಿ 7,134 ಬೋಗಿಗಳನ್ನು ತಯಾರಿಸಿದ್ದು, ಇದು ದಾಖಲೆಯ ಸಾಧನೆಯಾಗಿದೆ. ಕಳೆದ ವರ್ಷಕ್ಕೆ ಹೋಲಿಸಿದರೆ ಶೇಕಡಾ 9 ರಷ್ಟು ಹೆಚ್ಚಳವಾಗಿದೆ ಎಂದು ರೈಲ್ವೆ ಸಚಿವಾಲಯ ತಿಳಿಸಿದೆ. 2004-14ರ ಅವಧಿಯಲ್ಲಿ ಸರಾಸರಿ 4,000 ಬೋಗಿಗಳನ್ನು ತಯಾರಿಸಲಾಗುತ್ತಿತ್ತು. ಚೆನ್ನೈನ ಇಂಟಿಗ್ರಲ್ ಕೋಚ್ ಫ್ಯಾಕ್ಟರಿ ಅತಿ ಹೆಚ್ಚು ಬೋಗಿಗಳನ್ನು ತಯಾರಿಸಿದೆ. ಕಪುರ್ತಲಾ ಹಾಗೂ ರಾಯ್‌ಬರೇಲಿ ಘಟಕಗಳು ನಂತರದ ಸ್ಥಾನದಲ್ಲಿವೆ. ಸಾಮಾನ್ಯ ಬೋಗಿಗಳ ಉತ್ಪಾದನೆಗೆ ಹೆಚ್ಚಿನ ಒತ್ತು ನೀಡಲಾಗಿದೆ. 2024-25ರಲ್ಲಿ 3,007 ಸಾಮಾನ್ಯ ಬೋಗಿಗಳನ್ನು ತಯಾರಿಸಲಾಗಿದೆ.
ಭಾರತೀಯ ರೈಲ್ವೆ 2024-25ನೇ ಆರ್ಥಿಕ ವರ್ಷದಲ್ಲಿ 7,134 ಬೋಗಿಗಳನ್ನು ತಯಾರಿಸಿದ್ದು, ಇದು ದಾಖಲೆಯ ಸಾಧನೆಯಾಗಿದೆ. ಕಳೆದ ವರ್ಷಕ್ಕೆ ಹೋಲಿಸಿದರೆ ಶೇಕಡಾ 9 ರಷ್ಟು ಹೆಚ್ಚಳವಾಗಿದೆ ಎಂದು ರೈಲ್ವೆ ಸಚಿವಾಲಯ ತಿಳಿಸಿದೆ. 2004-14ರ ಅವಧಿಯಲ್ಲಿ ಸರಾಸರಿ 4,000 ಬೋಗಿಗಳನ್ನು ತಯಾರಿಸಲಾಗುತ್ತಿತ್ತು. ಚೆನ್ನೈನ ಇಂಟಿಗ್ರಲ್ ಕೋಚ್ ಫ್ಯಾಕ್ಟರಿ ಅತಿ ಹೆಚ್ಚು ಬೋಗಿಗಳನ್ನು ತಯಾರಿಸಿದೆ. ಕಪುರ್ತಲಾ ಹಾಗೂ ರಾಯ್‌ಬರೇಲಿ ಘಟಕಗಳು ನಂತರದ ಸ್ಥಾನದಲ್ಲಿವೆ. ಸಾಮಾನ್ಯ ಬೋಗಿಗಳ ಉತ್ಪಾದನೆಗೆ ಹೆಚ್ಚಿನ ಒತ್ತು ನೀಡಲಾಗಿದೆ. 2024-25ರಲ್ಲಿ 3,007 ಸಾಮಾನ್ಯ ಬೋಗಿಗಳನ್ನು ತಯಾರಿಸಲಾಗಿದೆ.
